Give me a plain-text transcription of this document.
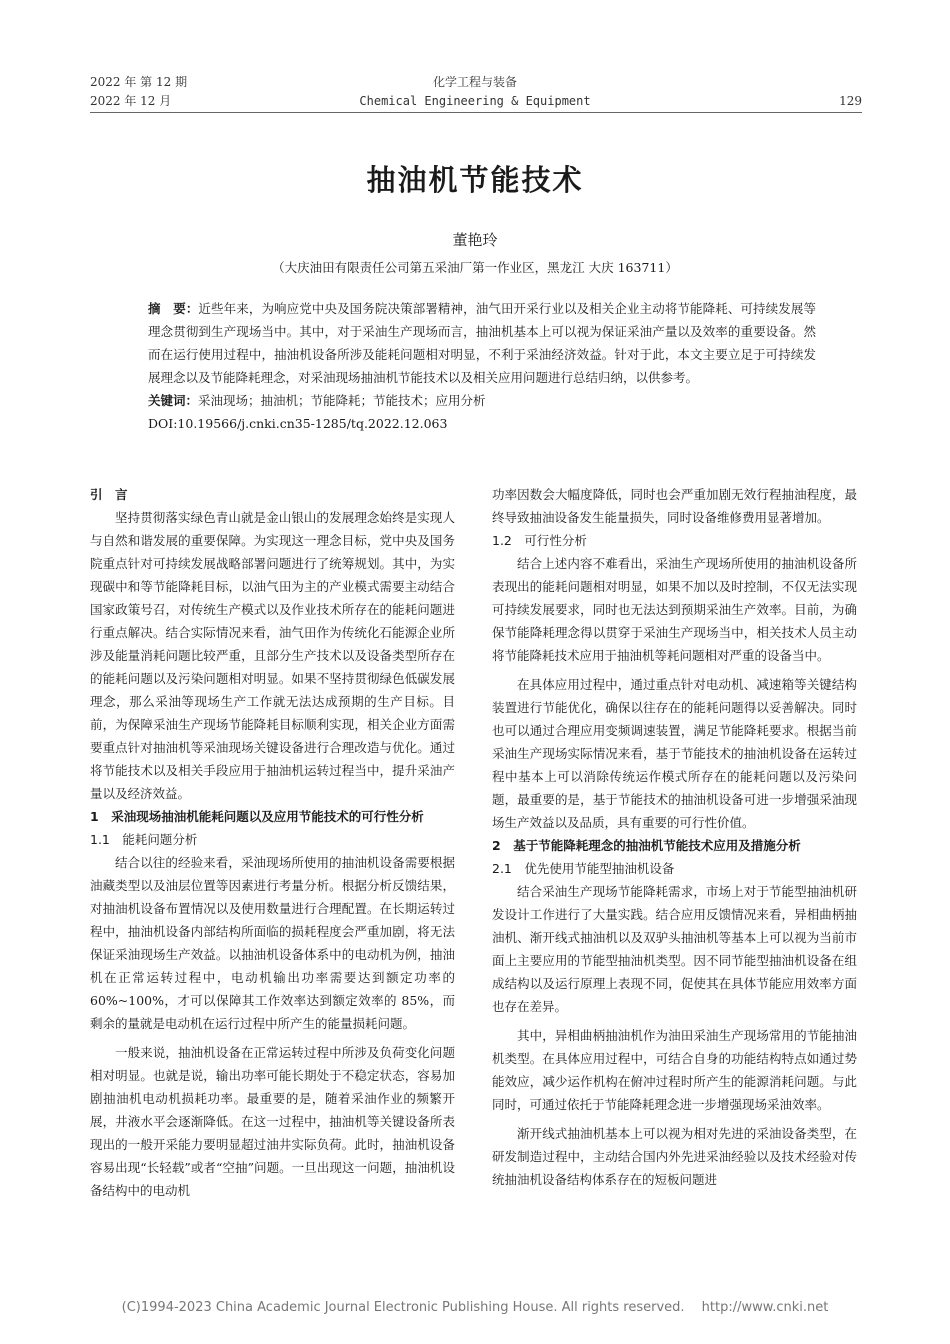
2022 年 第 12 期
2022 年 12 月
化学工程与装备
Chemical Engineering & Equipment	129
抽油机节能技术
董艳玲
（大庆油田有限责任公司第五采油厂第一作业区，黑龙江 大庆 163711）

摘　要：近些年来，为响应党中央及国务院决策部署精神，油气田开采行业以及相关企业主动将节能降耗、可持续发展等理念贯彻到生产现场当中。其中，对于采油生产现场而言，抽油机基本上可以视为保证采油产量以及效率的重要设备。然而在运行使用过程中，抽油机设备所涉及能耗问题相对明显，不利于采油经济效益。针对于此，本文主要立足于可持续发展理念以及节能降耗理念，对采油现场抽油机节能技术以及相关应用问题进行总结归纳，以供参考。

关键词：采油现场；抽油机；节能降耗；节能技术；应用分析

DOI:10.19566/j.cnki.cn35-1285/tq.2022.12.063

引　言

坚持贯彻落实绿色青山就是金山银山的发展理念始终是实现人与自然和谐发展的重要保障。为实现这一理念目标，党中央及国务院重点针对可持续发展战略部署问题进行了统筹规划。其中，为实现碳中和等节能降耗目标，以油气田为主的产业模式需要主动结合国家政策号召，对传统生产模式以及作业技术所存在的能耗问题进行重点解决。结合实际情况来看，油气田作为传统化石能源企业所涉及能量消耗问题比较严重，且部分生产技术以及设备类型所存在的能耗问题以及污染问题相对明显。如果不坚持贯彻绿色低碳发展理念，那么采油等现场生产工作就无法达成预期的生产目标。目前，为保障采油生产现场节能降耗目标顺利实现，相关企业方面需要重点针对抽油机等采油现场关键设备进行合理改造与优化。通过将节能技术以及相关手段应用于抽油机运转过程当中，提升采油产量以及经济效益。

1　采油现场抽油机能耗问题以及应用节能技术的可行性分析

1.1　能耗问题分析

结合以往的经验来看，采油现场所使用的抽油机设备需要根据油藏类型以及油层位置等因素进行考量分析。根据分析反馈结果，对抽油机设备布置情况以及使用数量进行合理配置。在长期运转过程中，抽油机设备内部结构所面临的损耗程度会严重加剧，将无法保证采油现场生产效益。以抽油机设备体系中的电动机为例，抽油机在正常运转过程中，电动机输出功率需要达到额定功率的 60%~100%，才可以保障其工作效率达到额定效率的 85%，而剩余的量就是电动机在运行过程中所产生的能量损耗问题。

一般来说，抽油机设备在正常运转过程中所涉及负荷变化问题相对明显。也就是说，输出功率可能长期处于不稳定状态，容易加剧抽油机电动机损耗功率。最重要的是，随着采油作业的频繁开展，井液水平会逐渐降低。在这一过程中，抽油机等关键设备所表现出的一般开采能力要明显超过油井实际负荷。此时，抽油机设备容易出现“长轻载”或者“空抽”问题。一旦出现这一问题，抽油机设备结构中的电动机

功率因数会大幅度降低，同时也会严重加剧无效行程抽油程度，最终导致抽油设备发生能量损失，同时设备维修费用显著增加。

1.2　可行性分析

结合上述内容不难看出，采油生产现场所使用的抽油机设备所表现出的能耗问题相对明显，如果不加以及时控制，不仅无法实现可持续发展要求，同时也无法达到预期采油生产效率。目前，为确保节能降耗理念得以贯穿于采油生产现场当中，相关技术人员主动将节能降耗技术应用于抽油机等耗问题相对严重的设备当中。

在具体应用过程中，通过重点针对电动机、减速箱等关键结构装置进行节能优化，确保以往存在的能耗问题得以妥善解决。同时也可以通过合理应用变频调速装置，满足节能降耗要求。根据当前采油生产现场实际情况来看，基于节能技术的抽油机设备在运转过程中基本上可以消除传统运作模式所存在的能耗问题以及污染问题，最重要的是，基于节能技术的抽油机设备可进一步增强采油现场生产效益以及品质，具有重要的可行性价值。

2　基于节能降耗理念的抽油机节能技术应用及措施分析

2.1　优先使用节能型抽油机设备

结合采油生产现场节能降耗需求，市场上对于节能型抽油机研发设计工作进行了大量实践。结合应用反馈情况来看，异相曲柄抽油机、渐开线式抽油机以及双驴头抽油机等基本上可以视为当前市面上主要应用的节能型抽油机类型。因不同节能型抽油机设备在组成结构以及运行原理上表现不同，促使其在具体节能应用效率方面也存在差异。

其中，异相曲柄抽油机作为油田采油生产现场常用的节能抽油机类型。在具体应用过程中，可结合自身的功能结构特点如通过势能效应，减少运作机构在俯冲过程时所产生的能源消耗问题。与此同时，可通过依托于节能降耗理念进一步增强现场采油效率。

渐开线式抽油机基本上可以视为相对先进的采油设备类型，在研发制造过程中，主动结合国内外先进采油经验以及技术经验对传统抽油机设备结构体系存在的短板问题进

(C)1994-2023 China Academic Journal Electronic Publishing House. All rights reserved.　 http://www.cnki.net
